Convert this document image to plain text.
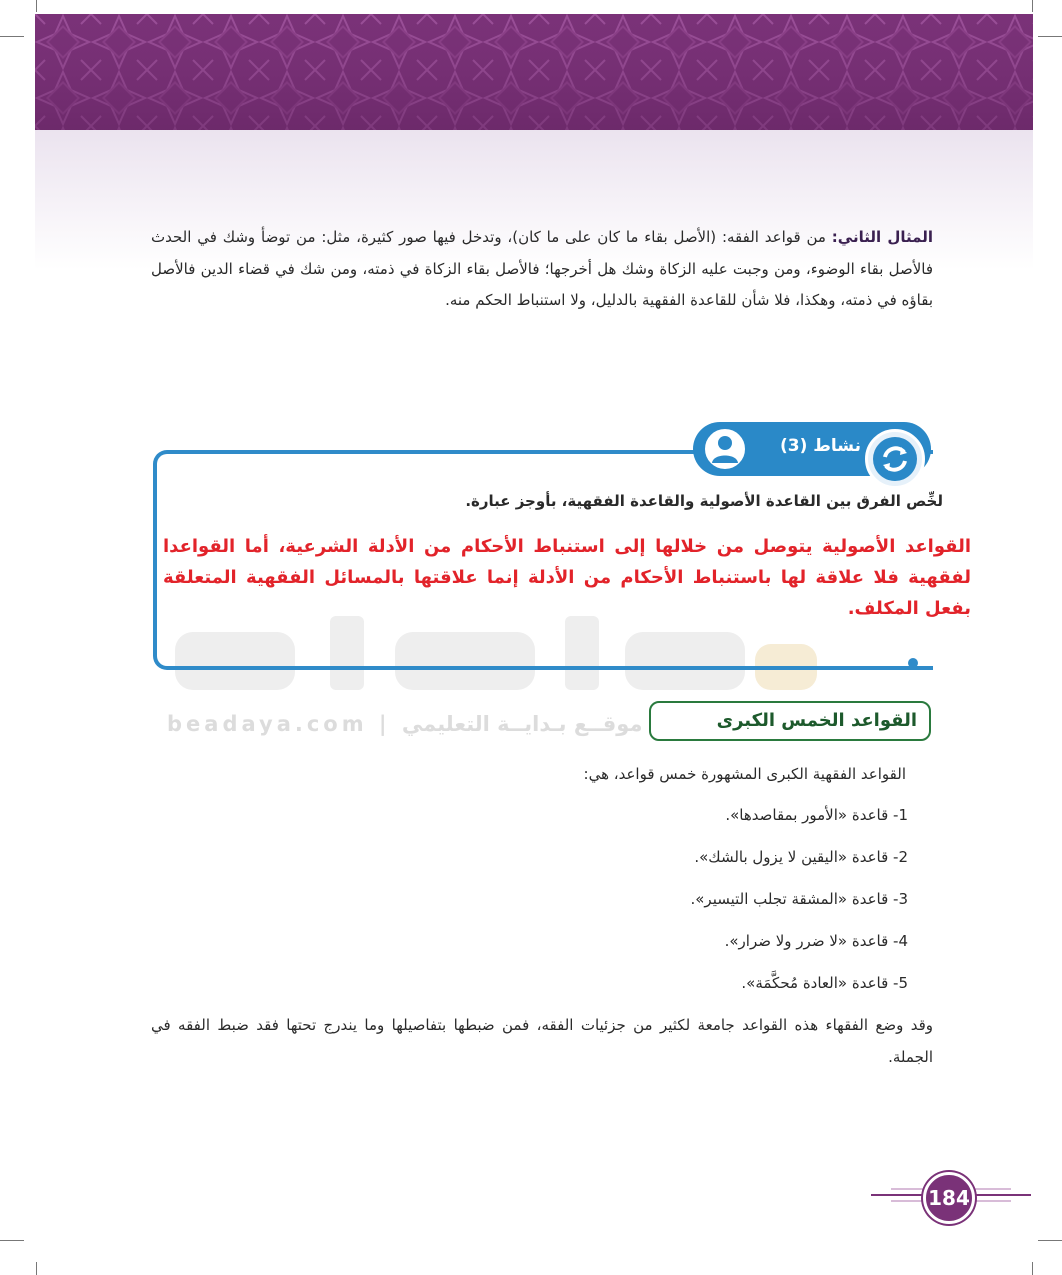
المثال الثاني: من قواعد الفقه: (الأصل بقاء ما كان على ما كان)، وتدخل فيها صور كثيرة، مثل: من توضأ وشك في الحدث فالأصل بقاء الوضوء، ومن وجبت عليه الزكاة وشك هل أخرجها؛ فالأصل بقاء الزكاة في ذمته، ومن شك في قضاء الدين فالأصل بقاؤه في ذمته، وهكذا، فلا شأن للقاعدة الفقهية بالدليل، ولا استنباط الحكم منه.

نشاط (3)

لخِّص الفرق بين القاعدة الأصولية والقاعدة الفقهية، بأوجز عبارة.

القواعد الأصولية يتوصل من خلالها إلى استنباط الأحكام من الأدلة الشرعية، أما القواعدا لفقهية فلا علاقة لها باستنباط الأحكام من الأدلة إنما علاقتها بالمسائل الفقهية المتعلقة بفعل المكلف.

beadaya.com | موقــع بـدايــة التعليمي	القواعد الخمس الكبرى

القواعد الفقهية الكبرى المشهورة خمس قواعد، هي:

1- قاعدة «الأمور بمقاصدها».

2- قاعدة «اليقين لا يزول بالشك».

3- قاعدة «المشقة تجلب التيسير».

4- قاعدة «لا ضرر ولا ضرار».

5- قاعدة «العادة مُحكَّمَة».

وقد وضع الفقهاء هذه القواعد جامعة لكثير من جزئيات الفقه، فمن ضبطها بتفاصيلها وما يندرج تحتها فقد ضبط الفقه في الجملة.

184
